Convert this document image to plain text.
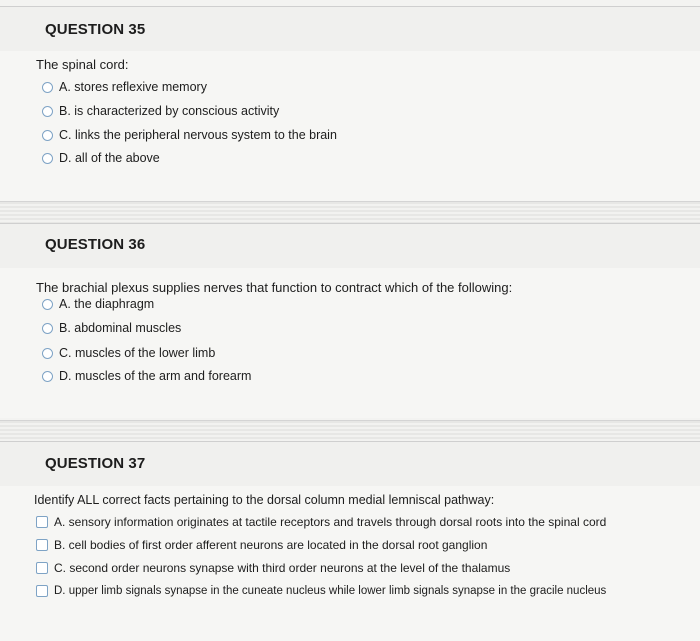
QUESTION 35
The spinal cord:
A. stores reflexive memory
B. is characterized by conscious activity
C. links the peripheral nervous system to the brain
D. all of the above
QUESTION 36
The brachial plexus supplies nerves that function to contract which of the following:
A. the diaphragm
B. abdominal muscles
C. muscles of the lower limb
D. muscles of the arm and forearm
QUESTION 37
Identify ALL correct facts pertaining to the dorsal column medial lemniscal pathway:
A. sensory information originates at tactile receptors and travels through dorsal roots into the spinal cord
B. cell bodies of first order afferent neurons are located in the dorsal root ganglion
C. second order neurons synapse with third order neurons at the level of the thalamus
D. upper limb signals synapse in the cuneate nucleus while lower limb signals synapse in the gracile nucleus
